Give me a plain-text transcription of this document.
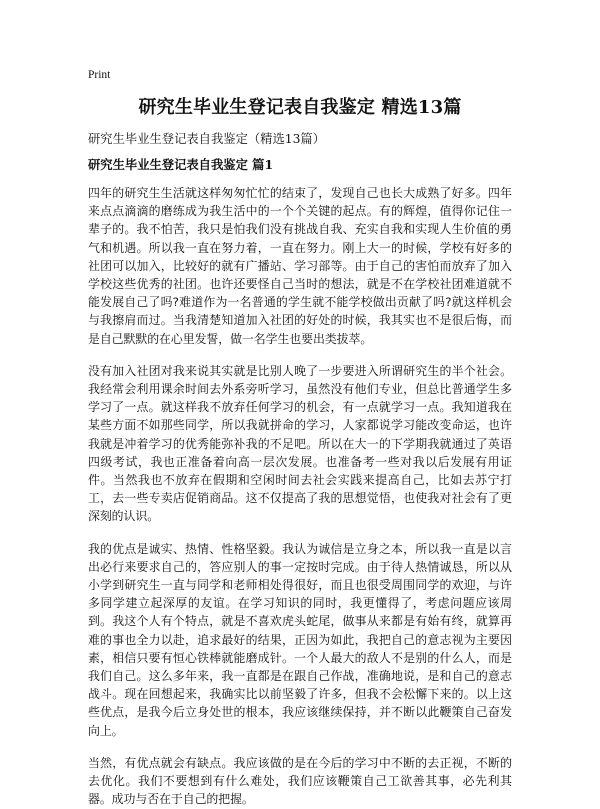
Print
研究生毕业生登记表自我鉴定 精选13篇

研究生毕业生登记表自我鉴定（精选13篇）

研究生毕业生登记表自我鉴定 篇1

四年的研究生生活就这样匆匆忙忙的结束了，发现自己也长大成熟了好多。四年来点点滴滴的磨练成为我生活中的一个个关键的起点。有的辉煌，值得你记住一辈子的。我不怕苦，我只是怕我们没有挑战自我、充实自我和实现人生价值的勇气和机遇。所以我一直在努力着，一直在努力。刚上大一的时候，学校有好多的社团可以加入，比较好的就有广播站、学习部等。由于自己的害怕而放弃了加入学校这些优秀的社团。也许还要怪自己当时的想法，就是不在学校社团难道就不能发展自己了吗?难道作为一名普通的学生就不能学校做出贡献了吗?就这样机会与我擦肩而过。当我清楚知道加入社团的好处的时候，我其实也不是很后悔，而是自己默默的在心里发誓，做一名学生也要出类拔萃。

没有加入社团对我来说其实就是比别人晚了一步要进入所谓研究生的半个社会。我经常会利用课余时间去外系旁听学习，虽然没有他们专业，但总比普通学生多学习了一点。就这样我不放弃任何学习的机会，有一点就学习一点。我知道我在某些方面不如那些同学，所以我就拼命的学习，人家都说学习能改变命运，也许我就是冲着学习的优秀能弥补我的不足吧。所以在大一的下学期我就通过了英语四级考试，我也正准备着向高一层次发展。也准备考一些对我以后发展有用证件。当然我也不放弃在假期和空闲时间去社会实践来提高自己，比如去苏宁打工，去一些专卖店促销商品。这不仅提高了我的思想觉悟，也使我对社会有了更深刻的认识。

我的优点是诚实、热情、性格坚毅。我认为诚信是立身之本，所以我一直是以言出必行来要求自己的，答应别人的事一定按时完成。由于待人热情诚恳，所以从小学到研究生一直与同学和老师相处得很好，而且也很受周围同学的欢迎，与许多同学建立起深厚的友谊。在学习知识的同时，我更懂得了，考虑问题应该周到。我这个人有个特点，就是不喜欢虎头蛇尾，做事从来都是有始有终，就算再难的事也全力以赴，追求最好的结果，正因为如此，我把自己的意志视为主要因素，相信只要有恒心铁棒就能磨成针。一个人最大的敌人不是别的什么人，而是我们自己。这么多年来，我一直都是在跟自己作战，准确地说，是和自己的意志战斗。现在回想起来，我确实比以前坚毅了许多，但我不会松懈下来的。以上这些优点，是我今后立身处世的根本，我应该继续保持，并不断以此鞭策自己奋发向上。

当然，有优点就会有缺点。我应该做的是在今后的学习中不断的去正视，不断的去优化。我们不要想到有什么难处，我们应该鞭策自己工欲善其事，必先利其器。成功与否在于自己的把握。
